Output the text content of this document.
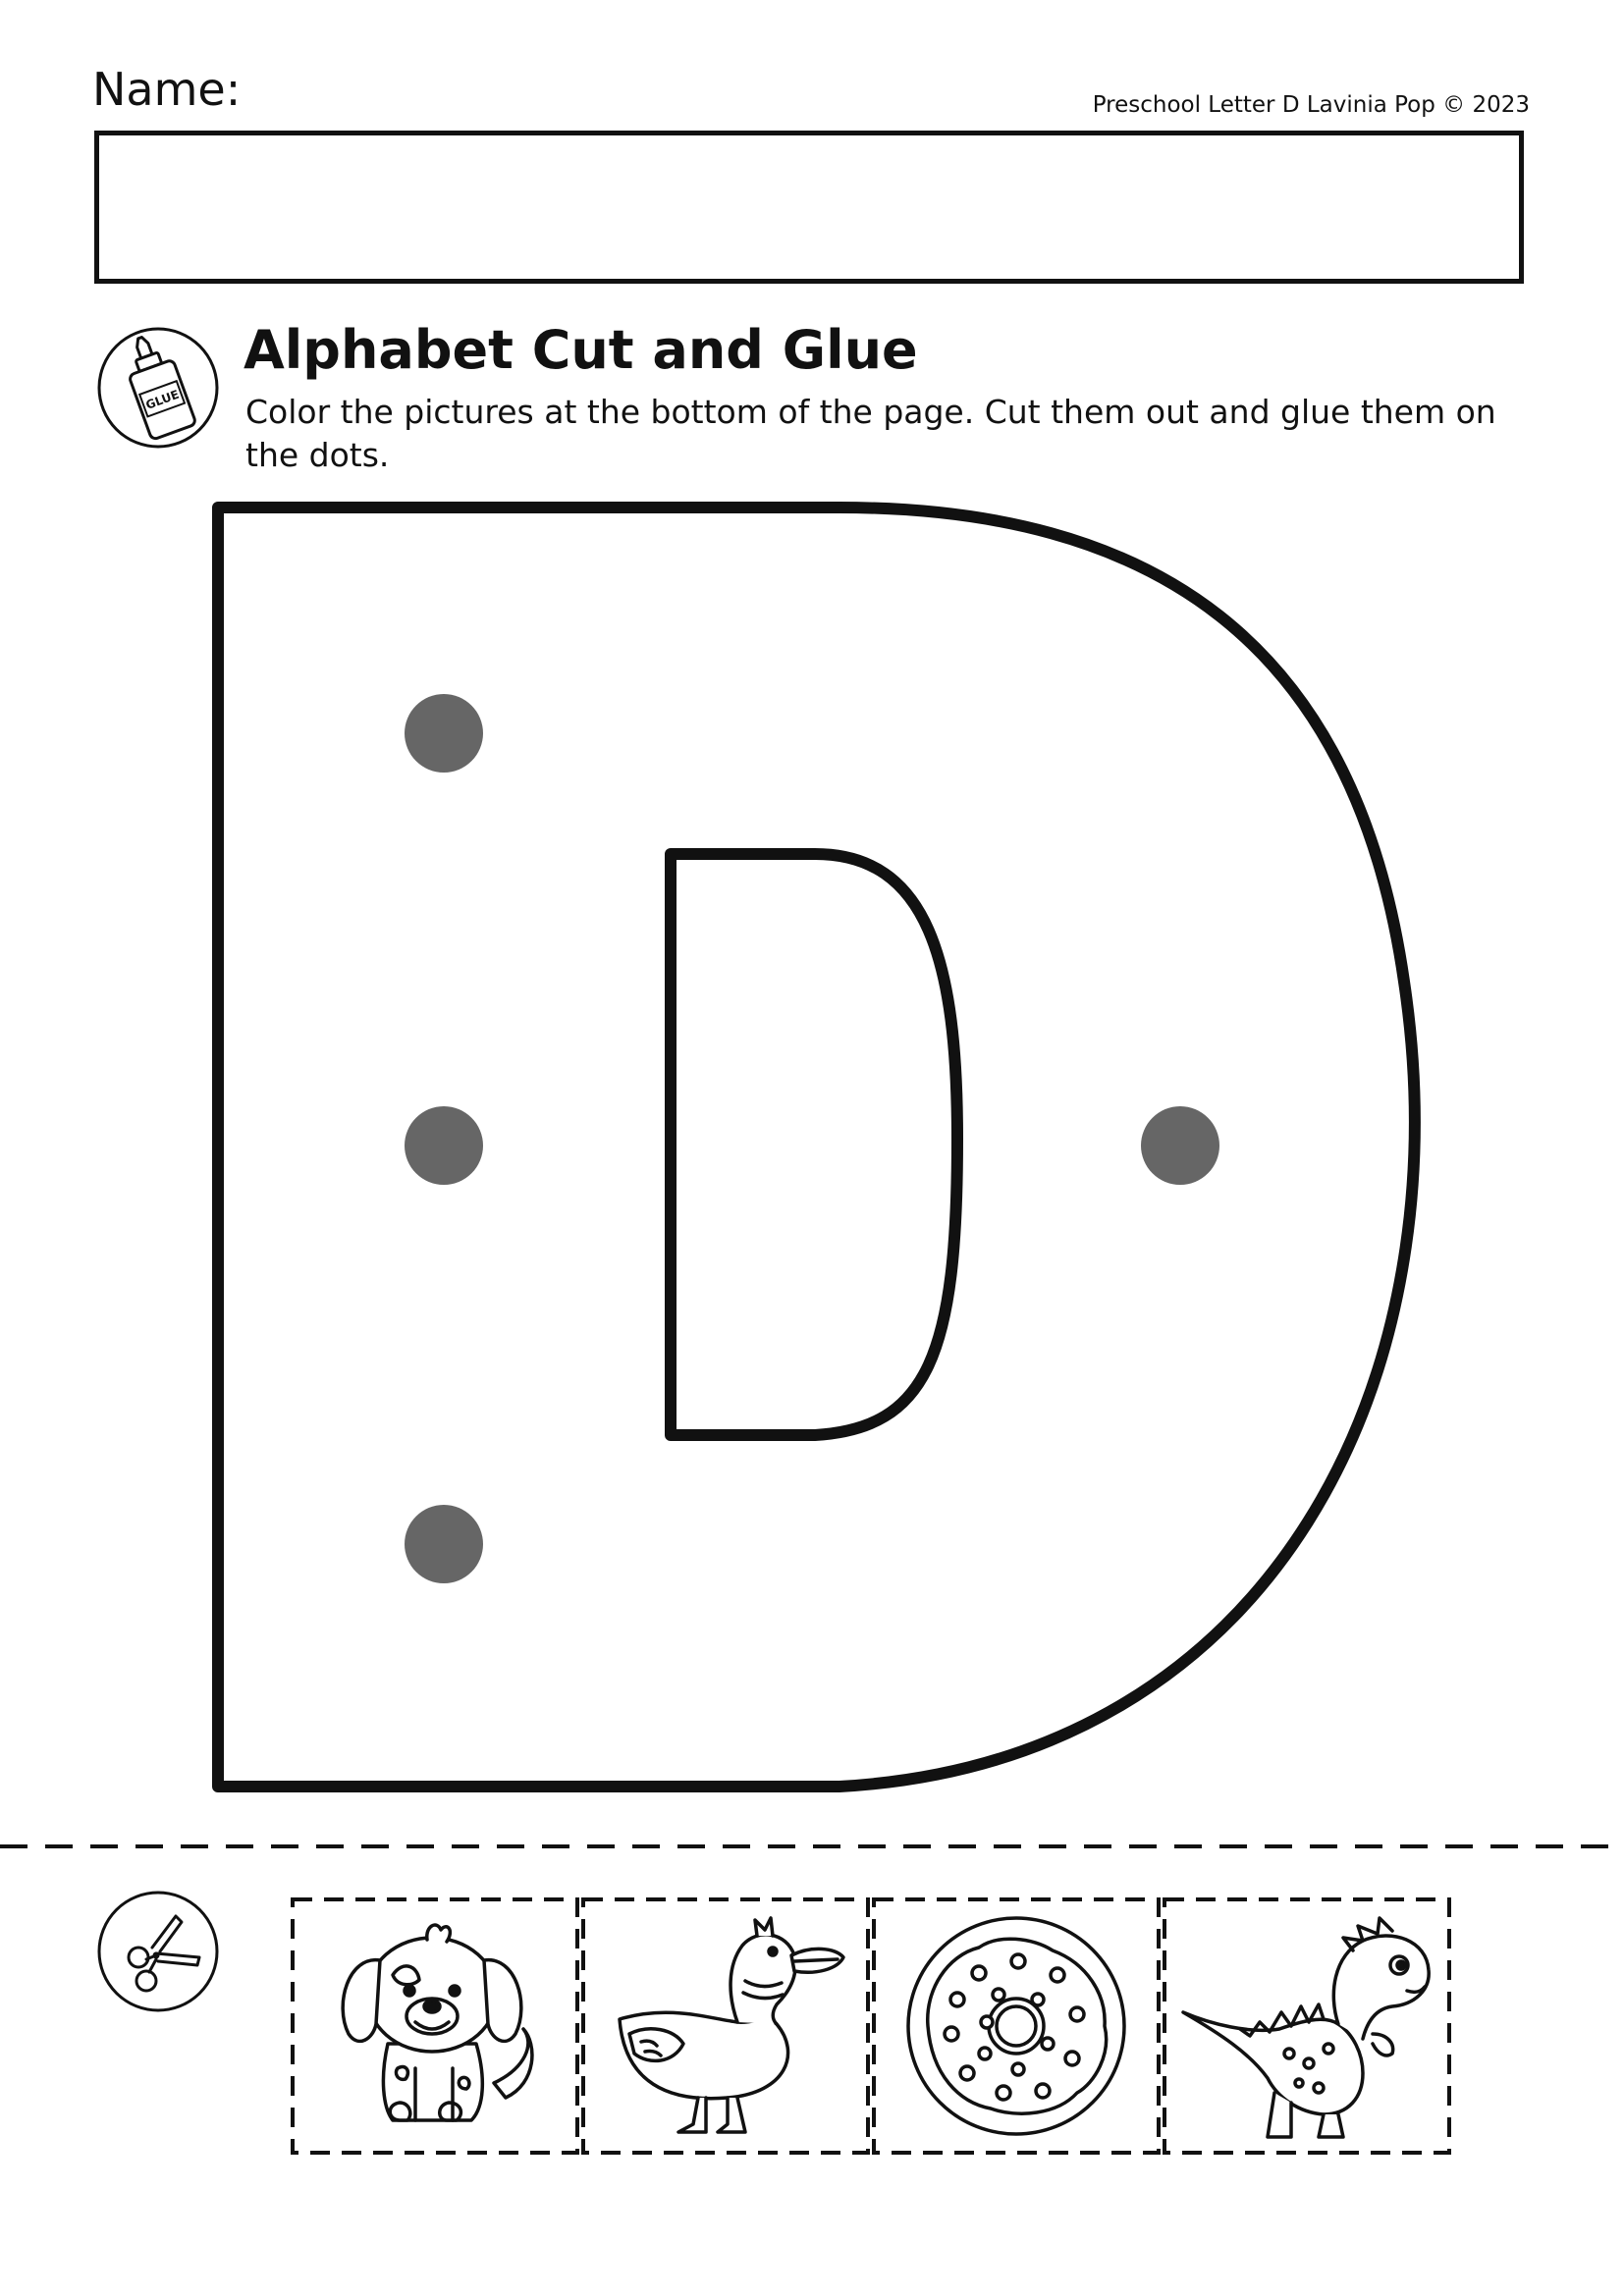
Name:	Preschool Letter D Lavinia Pop © 2023
GLUE
Alphabet Cut and Glue
Color the pictures at the bottom of the page. Cut them out and glue them on the dots.
